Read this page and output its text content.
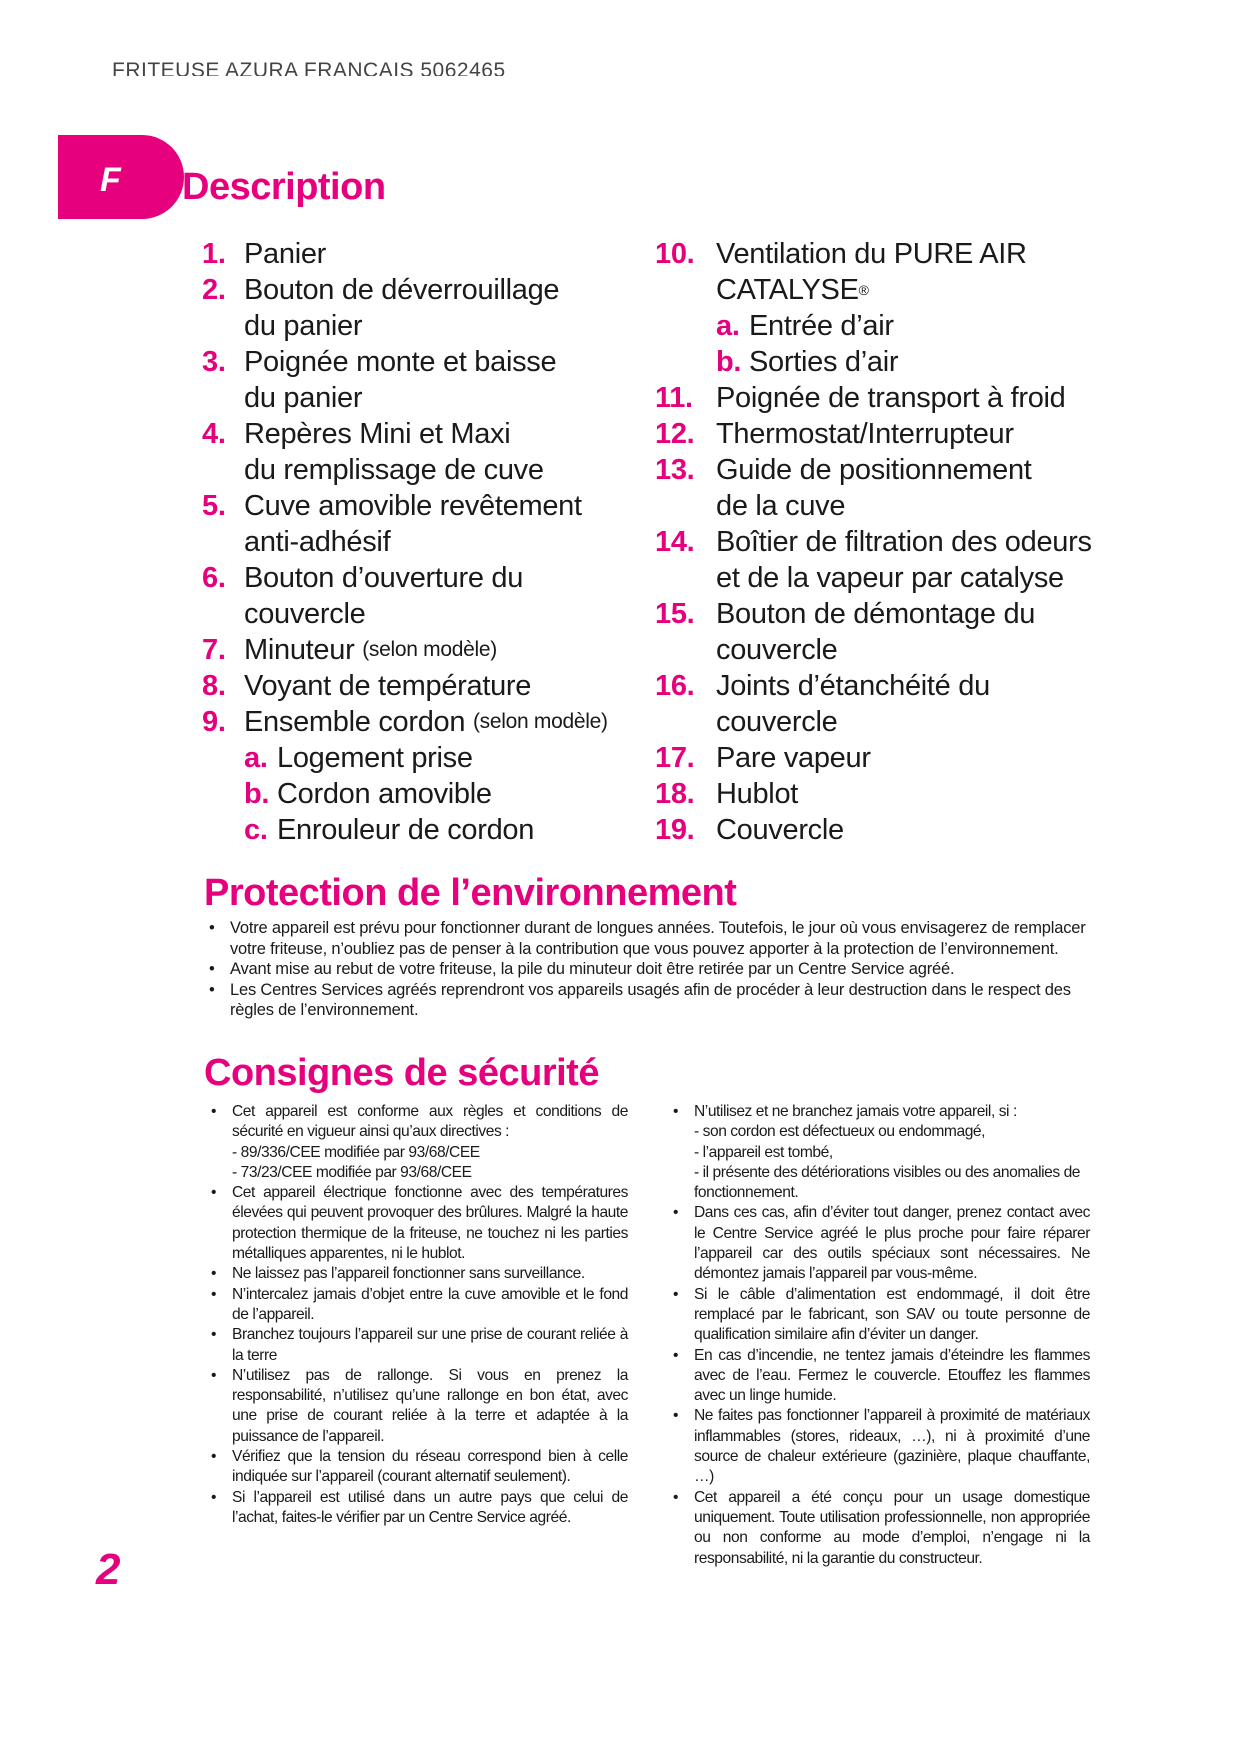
FRITEUSE AZURA FRANCAIS 5062465

F Description
1. Panier
2. Bouton de déverrouillage
du panier
3. Poignée monte et baisse
du panier
4. Repères Mini et Maxi
du remplissage de cuve
5. Cuve amovible revêtement
anti-adhésif
6. Bouton d’ouverture du
couvercle
7. Minuteur
(selon modèle)
8. Voyant de température
9. Ensemble cordon
(selon modèle)
a. Logement prise
b. Cordon amovible
c. Enrouleur de cordon
10. Ventilation du PURE AIR
CATALYSE ®
a. Entrée d’air
b. Sorties d’air
11. Poignée de transport à froid
12. Thermostat/Interrupteur
13. Guide de positionnement
de la cuve
14. Boîtier de filtration des odeurs
et de la vapeur par catalyse
15. Bouton de démontage du
couvercle
16. Joints d’étanchéité du
couvercle
17. Pare vapeur
18. Hublot
19. Couvercle
Protection de l’environnement
• Votre appareil est prévu pour fonctionner durant de longues années. Toutefois, le jour où vous envisagerez de remplacer votre friteuse, n’oubliez pas de penser à la contribution que vous pouvez apporter à la protection de l’environnement.
• Avant mise au rebut de votre friteuse, la pile du minuteur doit être retirée par un Centre Service agréé.
• Les Centres Services agréés reprendront vos appareils usagés afin de procéder à leur destruction dans le respect des règles de l’environnement.
Consignes de sécurité
• Cet appareil est conforme aux règles et conditions de sécurité en vigueur ainsi qu’aux directives :
- 89/336/CEE modifiée par 93/68/CEE
- 73/23/CEE modifiée par 93/68/CEE
• Cet appareil électrique fonctionne avec des températures élevées qui peuvent provoquer des brûlures. Malgré la haute protection thermique de la friteuse, ne touchez ni les parties métalliques apparentes, ni le hublot.
• Ne laissez pas l’appareil fonctionner sans surveillance.
• N’intercalez jamais d’objet entre la cuve amovible et le fond de l’appareil.
• Branchez toujours l’appareil sur une prise de courant reliée à la terre
• N’utilisez pas de rallonge. Si vous en prenez la responsabilité, n’utilisez qu’une rallonge en bon état, avec une prise de courant reliée à la terre et adaptée à la puissance de l’appareil.
• Vérifiez que la tension du réseau correspond bien à celle indiquée sur l’appareil (courant alternatif seulement).
• Si l’appareil est utilisé dans un autre pays que celui de l’achat, faites-le vérifier par un Centre Service agréé.
• N’utilisez et ne branchez jamais votre appareil, si :
- son cordon est défectueux ou endommagé,
- l’appareil est tombé,
- il présente des détériorations visibles ou des anomalies de fonctionnement.
• Dans ces cas, afin d’éviter tout danger, prenez contact avec le Centre Service agréé le plus proche pour faire réparer l’appareil car des outils spéciaux sont nécessaires. Ne démontez jamais l’appareil par vous-même.
• Si le câble d’alimentation est endommagé, il doit être remplacé par le fabricant, son SAV ou toute personne de qualification similaire afin d’éviter un danger.
• En cas d’incendie, ne tentez jamais d’éteindre les flammes avec de l’eau. Fermez le couvercle. Etouffez les flammes avec un linge humide.
• Ne faites pas fonctionner l’appareil à proximité de matériaux inflammables (stores, rideaux, …), ni à proximité d’une source de chaleur extérieure (gazinière, plaque chauffante, …)
• Cet appareil a été conçu pour un usage domestique uniquement. Toute utilisation professionnelle, non appropriée ou non conforme au mode d’emploi, n’engage ni la responsabilité, ni la garantie du constructeur.

2
